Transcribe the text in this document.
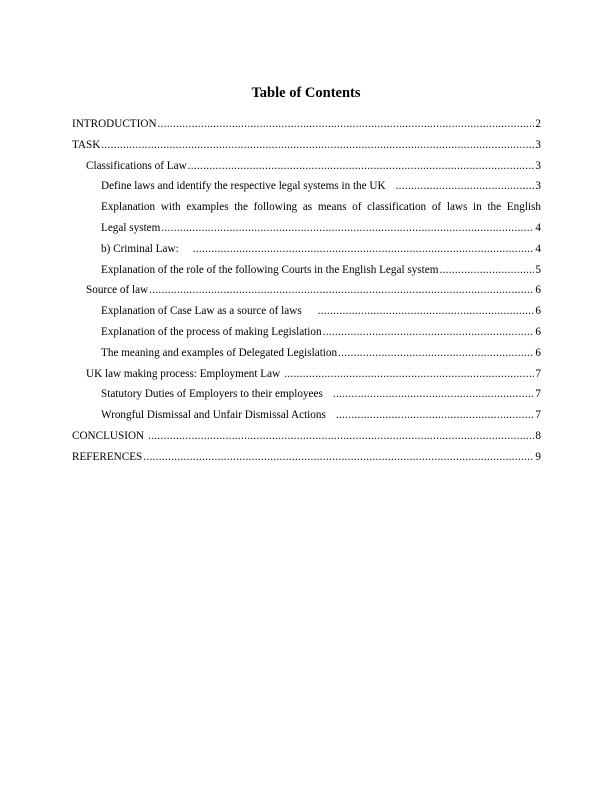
Table of Contents
INTRODUCTION .....	2
TASK .....	3
Classifications of Law .....	3
Define laws and identify the respective legal systems in the UK .....	3
Explanation with examples the following as means of classification of laws in the English
Legal system .....	4
b) Criminal Law: .....	4
Explanation of the role of the following Courts in the English Legal system .....	5
Source of law .....	6
Explanation of Case Law as a source of laws .....	6
Explanation of the process of making Legislation .....	6
The meaning and examples of Delegated Legislation .....	6
UK law making process: Employment Law .....	7
Statutory Duties of Employers to their employees .....	7
Wrongful Dismissal and Unfair Dismissal Actions .....	7
CONCLUSION .....	8
REFERENCES .....	9
